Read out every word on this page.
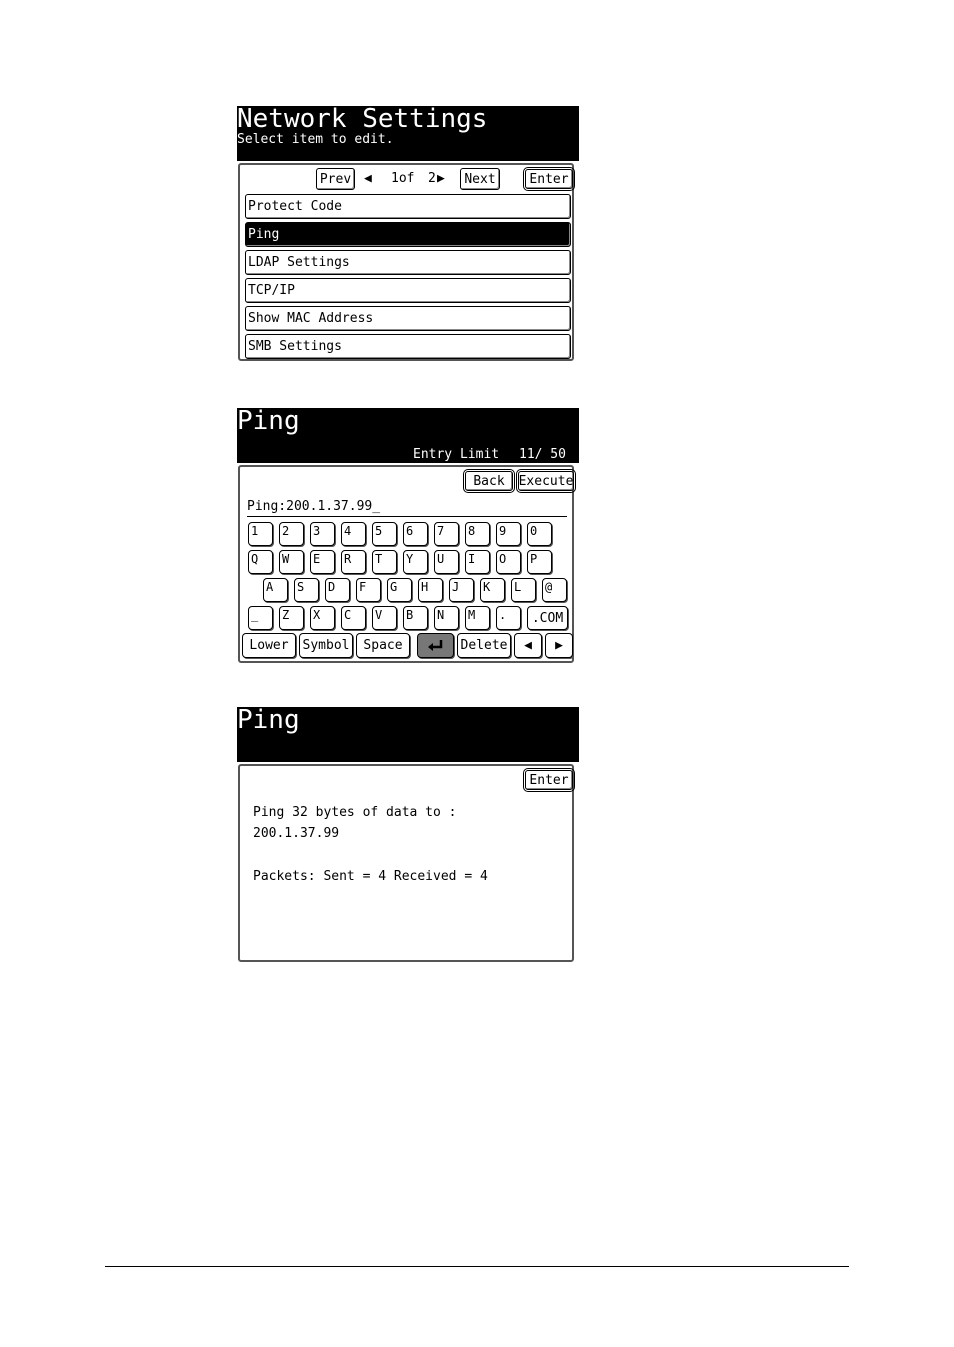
Network Settings
Select item to edit.
Prev ◀ 1of 2 ▶	Next	Enter
Protect Code
Ping
LDAP Settings
TCP/IP
Show MAC Address
SMB Settings
Ping
Entry Limit 11/ 50
Back	Execute
Ping:200.1.37.99_
1	2	3	4	5	6	7	8	9	0
Q	W	E	R	T	Y	U	I	O	P
A	S	D	F	G	H	J	K	L	@
_	Z	X	C	V	B	N	M	.	.COM
Lower	Symbol	Space	Delete ◀ ▶
Ping
Enter
Ping 32 bytes of data to :
200.1.37.99
Packets: Sent = 4 Received = 4
